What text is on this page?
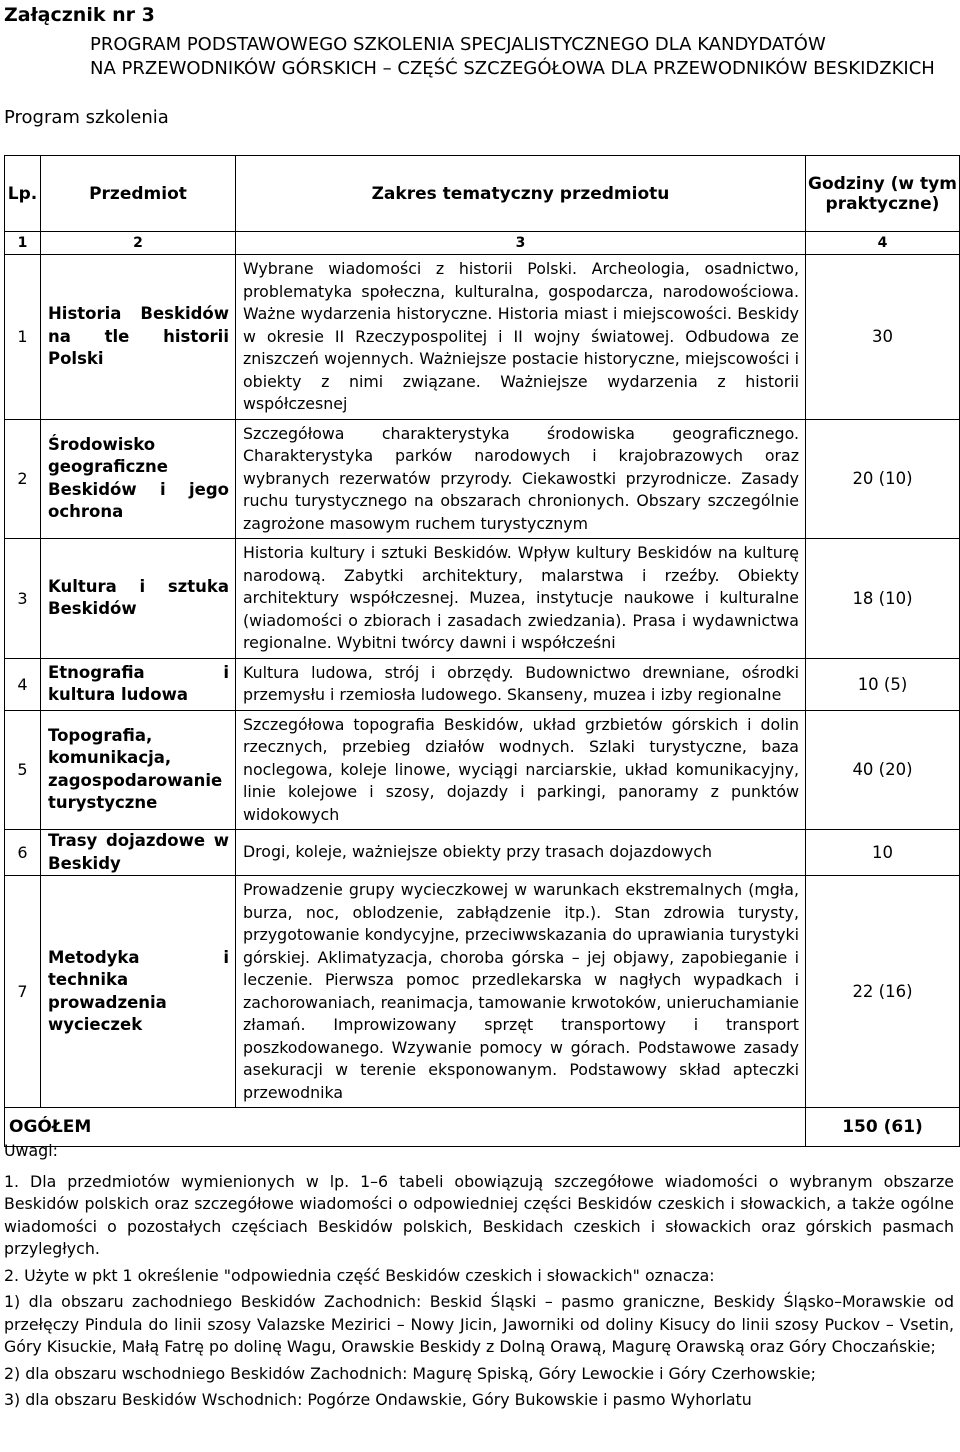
Załącznik nr 3
PROGRAM PODSTAWOWEGO SZKOLENIA SPECJALISTYCZNEGO DLA KANDYDATÓW
NA PRZEWODNIKÓW GÓRSKICH – CZĘŚĆ SZCZEGÓŁOWA DLA PRZEWODNIKÓW BESKIDZKICH
Program szkolenia
Lp.	Przedmiot	Zakres tematyczny przedmiotu	Godziny (w tym praktyczne)
1	2	3	4
1	Historia Beskidów na tle historii Polski	Wybrane wiadomości z historii Polski. Archeologia, osadnictwo, problematyka społeczna, kulturalna, gospodarcza, narodowościowa. Ważne wydarzenia historyczne. Historia miast i miejscowości. Beskidy w okresie II Rzeczypospolitej i II wojny światowej. Odbudowa ze zniszczeń wojennych. Ważniejsze postacie historyczne, miejscowości i obiekty z nimi związane. Ważniejsze wydarzenia z historii współczesnej	30
2	Środowisko geograficzne Beskidów i jego ochrona	Szczegółowa charakterystyka środowiska geograficznego. Charakterystyka parków narodowych i krajobrazowych oraz wybranych rezerwatów przyrody. Ciekawostki przyrodnicze. Zasady ruchu turystycznego na obszarach chronionych. Obszary szczególnie zagrożone masowym ruchem turystycznym	20 (10)
3	Kultura i sztuka Beskidów	Historia kultury i sztuki Beskidów. Wpływ kultury Beskidów na kulturę narodową. Zabytki architektury, malarstwa i rzeźby. Obiekty architektury współczesnej. Muzea, instytucje naukowe i kulturalne (wiadomości o zbiorach i zasadach zwiedzania). Prasa i wydawnictwa regionalne. Wybitni twórcy dawni i współcześni	18 (10)
4	Etnografia i kultura ludowa	Kultura ludowa, strój i obrzędy. Budownictwo drewniane, ośrodki przemysłu i rzemiosła ludowego. Skanseny, muzea i izby regionalne	10 (5)
5	Topografia, komunikacja, zagospodarowanie turystyczne	Szczegółowa topografia Beskidów, układ grzbietów górskich i dolin rzecznych, przebieg działów wodnych. Szlaki turystyczne, baza noclegowa, koleje linowe, wyciągi narciarskie, układ komunikacyjny, linie kolejowe i szosy, dojazdy i parkingi, panoramy z punktów widokowych	40 (20)
6	Trasy dojazdowe w Beskidy	Drogi, koleje, ważniejsze obiekty przy trasach dojazdowych	10
7	Metodyka i technika prowadzenia wycieczek	Prowadzenie grupy wycieczkowej w warunkach ekstremalnych (mgła, burza, noc, oblodzenie, zabłądzenie itp.). Stan zdrowia turysty, przygotowanie kondycyjne, przeciwwskazania do uprawiania turystyki górskiej. Aklimatyzacja, choroba górska – jej objawy, zapobieganie i leczenie. Pierwsza pomoc przedlekarska w nagłych wypadkach i zachorowaniach, reanimacja, tamowanie krwotoków, unieruchamianie złamań. Improwizowany sprzęt transportowy i transport poszkodowanego. Wzywanie pomocy w górach. Podstawowe zasady asekuracji w terenie eksponowanym. Podstawowy skład apteczki przewodnika	22 (16)
OGÓŁEM			150 (61)

Uwagi:

1. Dla przedmiotów wymienionych w lp. 1–6 tabeli obowiązują szczegółowe wiadomości o wybranym obszarze Beskidów polskich oraz szczegółowe wiadomości o odpowiedniej części Beskidów czeskich i słowackich, a także ogólne wiadomości o pozostałych częściach Beskidów polskich, Beskidach czeskich i słowackich oraz górskich pasmach przyległych.

2. Użyte w pkt 1 określenie "odpowiednia część Beskidów czeskich i słowackich" oznacza:

1) dla obszaru zachodniego Beskidów Zachodnich: Beskid Śląski – pasmo graniczne, Beskidy Śląsko–Morawskie od przełęczy Pindula do linii szosy Valazske Mezirici – Nowy Jicin, Jaworniki od doliny Kisucy do linii szosy Puckov – Vsetin, Góry Kisuckie, Małą Fatrę po dolinę Wagu, Orawskie Beskidy z Dolną Orawą, Magurę Orawską oraz Góry Choczańskie;

2) dla obszaru wschodniego Beskidów Zachodnich: Magurę Spiską, Góry Lewockie i Góry Czerhowskie;

3) dla obszaru Beskidów Wschodnich: Pogórze Ondawskie, Góry Bukowskie i pasmo Wyhorlatu
